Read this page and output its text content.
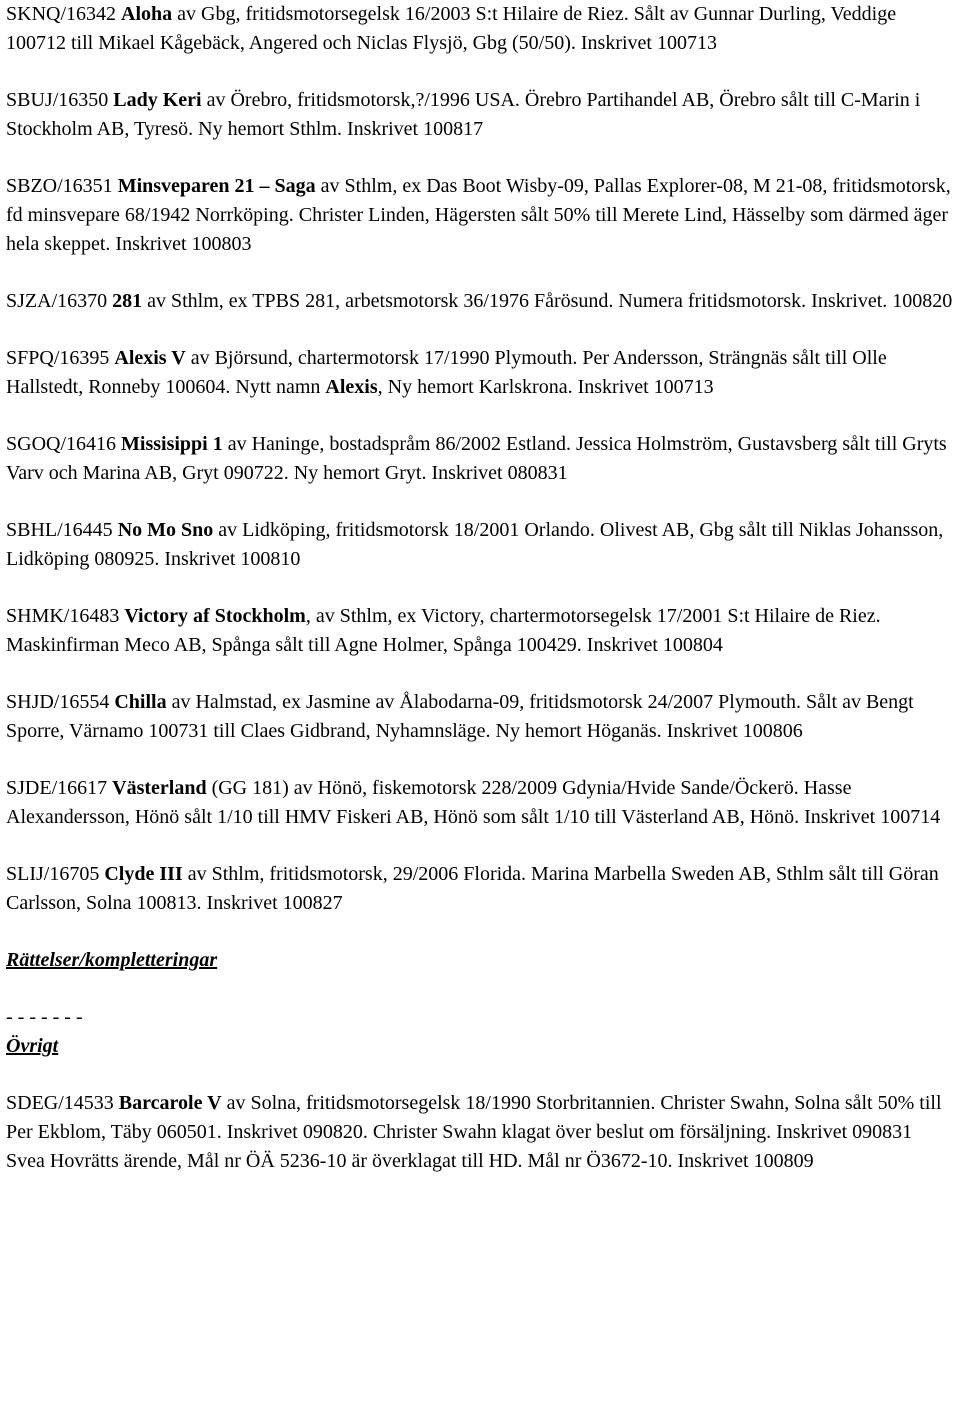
SKNQ/16342 Aloha av Gbg, fritidsmotorsegelsk 16/2003 S:t Hilaire de Riez. Sålt av Gunnar Durling, Veddige 100712 till Mikael Kågebäck, Angered och Niclas Flysjö, Gbg (50/50). Inskrivet 100713
SBUJ/16350 Lady Keri av Örebro, fritidsmotorsk,?/1996 USA. Örebro Partihandel AB, Örebro sålt till C-Marin i Stockholm AB, Tyresö. Ny hemort Sthlm. Inskrivet 100817
SBZO/16351 Minsveparen 21 – Saga av Sthlm, ex Das Boot Wisby-09, Pallas Explorer-08, M 21-08, fritidsmotorsk, fd minsvepare 68/1942 Norrköping. Christer Linden, Hägersten sålt 50% till Merete Lind, Hässelby som därmed äger hela skeppet. Inskrivet 100803
SJZA/16370 281 av Sthlm, ex TPBS 281, arbetsmotorsk 36/1976 Fårösund. Numera fritidsmotorsk. Inskrivet. 100820
SFPQ/16395 Alexis V av Björsund, chartermotorsk 17/1990 Plymouth. Per Andersson, Strängnäs sålt till Olle Hallstedt, Ronneby 100604. Nytt namn Alexis, Ny hemort Karlskrona. Inskrivet 100713
SGOQ/16416 Missisippi 1 av Haninge, bostadspråm 86/2002 Estland. Jessica Holmström, Gustavsberg sålt till Gryts Varv och Marina AB, Gryt 090722. Ny hemort Gryt. Inskrivet 080831
SBHL/16445 No Mo Sno av Lidköping, fritidsmotorsk 18/2001 Orlando. Olivest AB, Gbg sålt till Niklas Johansson, Lidköping 080925. Inskrivet 100810
SHMK/16483 Victory af Stockholm, av Sthlm, ex Victory, chartermotorsegelsk 17/2001 S:t Hilaire de Riez. Maskinfirman Meco AB, Spånga sålt till Agne Holmer, Spånga 100429. Inskrivet 100804
SHJD/16554 Chilla av Halmstad, ex Jasmine av Ålabodarna-09, fritidsmotorsk 24/2007 Plymouth. Sålt av Bengt Sporre, Värnamo 100731 till Claes Gidbrand, Nyhamnsläge. Ny hemort Höganäs. Inskrivet 100806
SJDE/16617 Västerland (GG 181) av Hönö, fiskemotorsk 228/2009 Gdynia/Hvide Sande/Öckerö. Hasse Alexandersson, Hönö sålt 1/10 till HMV Fiskeri AB, Hönö som sålt 1/10 till Västerland AB, Hönö. Inskrivet 100714
SLIJ/16705 Clyde III av Sthlm, fritidsmotorsk, 29/2006 Florida. Marina Marbella Sweden AB, Sthlm sålt till Göran Carlsson, Solna 100813. Inskrivet 100827
Rättelser/kompletteringar
- - - - - - -
Övrigt
SDEG/14533 Barcarole V av Solna, fritidsmotorsegelsk 18/1990 Storbritannien. Christer Swahn, Solna sålt 50% till Per Ekblom, Täby 060501. Inskrivet 090820. Christer Swahn klagat över beslut om försäljning. Inskrivet 090831 Svea Hovrätts ärende, Mål nr ÖÄ 5236-10 är överklagat till HD. Mål nr Ö3672-10. Inskrivet 100809
